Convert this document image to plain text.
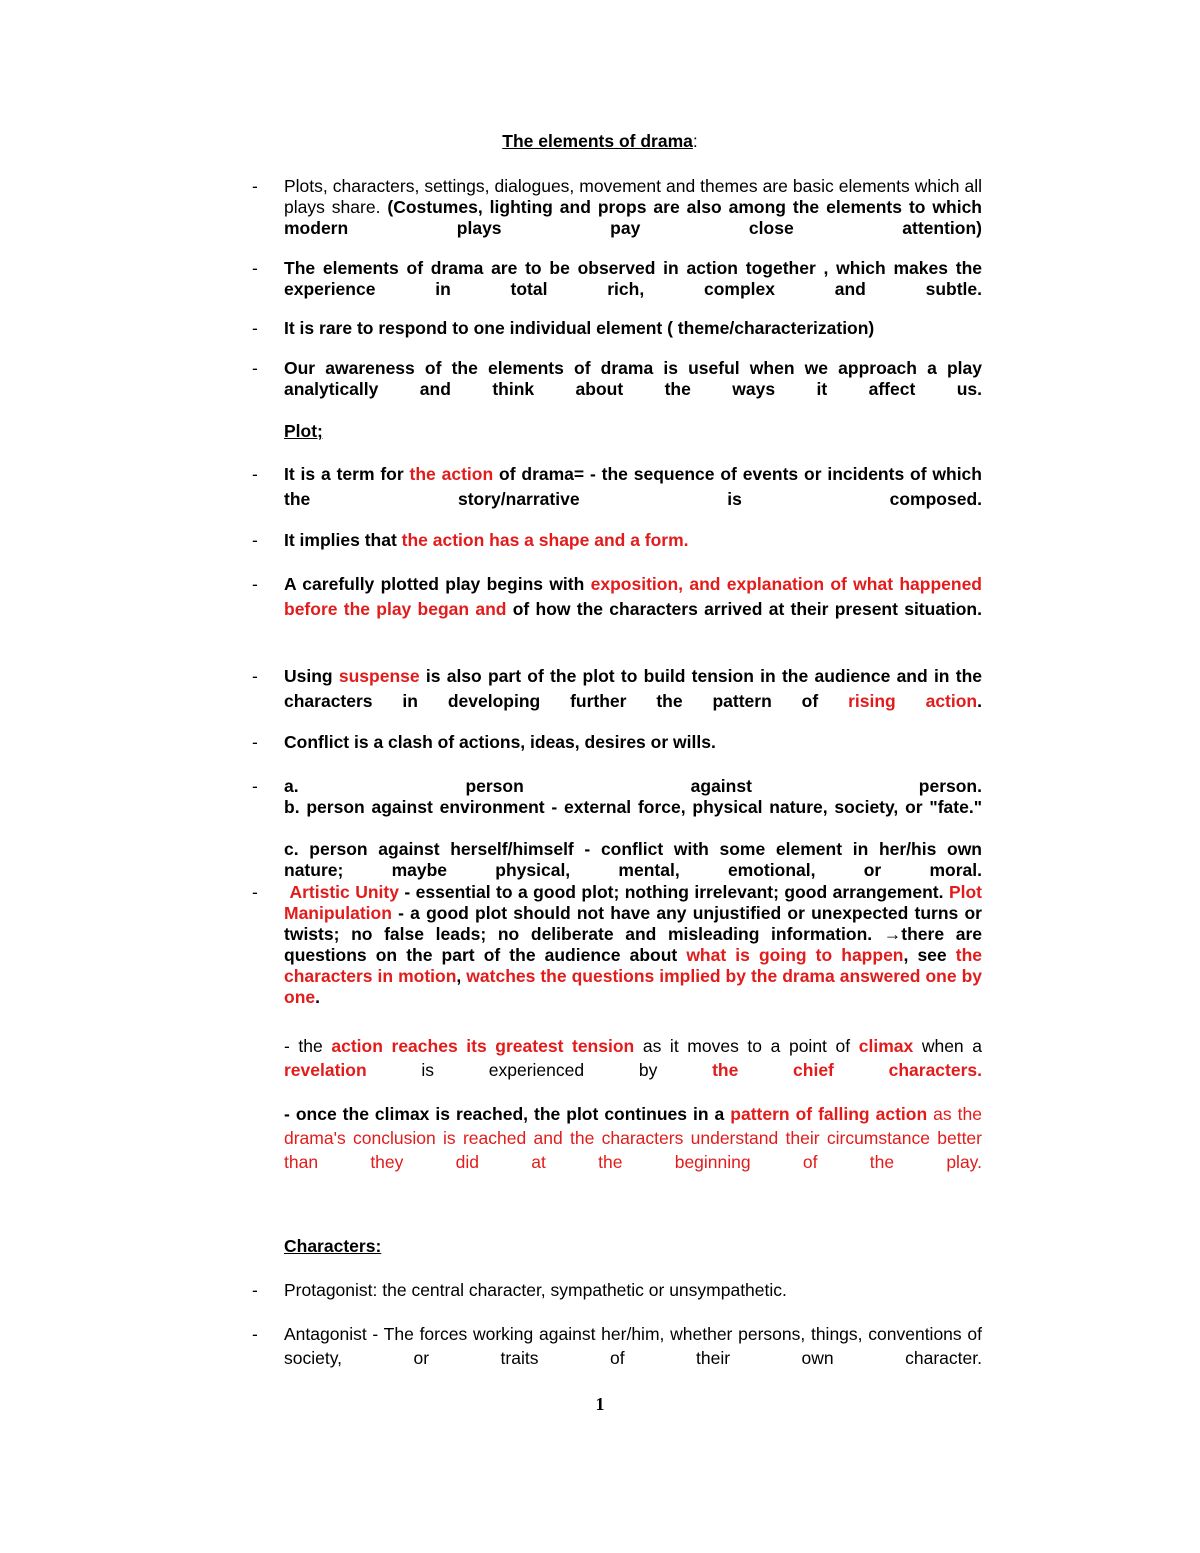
The elements of drama:
- Plots, characters, settings, dialogues, movement and themes are basic elements which all plays share. (Costumes, lighting and props are also among the elements to which modern plays pay close attention)
- The elements of drama are to be observed in action together , which makes the experience in total rich, complex and subtle.
- It is rare to respond to one individual element ( theme/characterization)
- Our awareness of the elements of drama is useful when we approach a play analytically and think about the ways it affect us.
Plot;
- It is a term for the action of drama= - the sequence of events or incidents of which the story/narrative is composed.
- It implies that the action has a shape and a form.
- A carefully plotted play begins with exposition, and explanation of what happened before the play began and of how the characters arrived at their present situation.
- Using suspense is also part of the plot to build tension in the audience and in the characters in developing further the pattern of rising action.
- Conflict is a clash of actions, ideas, desires or wills.
- a.	person	against	person.
b. person against environment - external force, physical nature, society, or "fate."
c. person against herself/himself - conflict with some element in her/his own nature; maybe physical, mental, emotional, or moral.
- Artistic Unity - essential to a good plot; nothing irrelevant; good arrangement. Plot Manipulation - a good plot should not have any unjustified or unexpected turns or twists; no false leads; no deliberate and misleading information. →there are questions on the part of the audience about what is going to happen, see the characters in motion, watches the questions implied by the drama answered one by one.
- the action reaches its greatest tension as it moves to a point of climax when a revelation is experienced by the chief characters.
- once the climax is reached, the plot continues in a pattern of falling action as the drama's conclusion is reached and the characters understand their circumstance better than they did at the beginning of the play.
Characters:
- Protagonist: the central character, sympathetic or unsympathetic.
- Antagonist - The forces working against her/him, whether persons, things, conventions of society, or traits of their own character.
1
